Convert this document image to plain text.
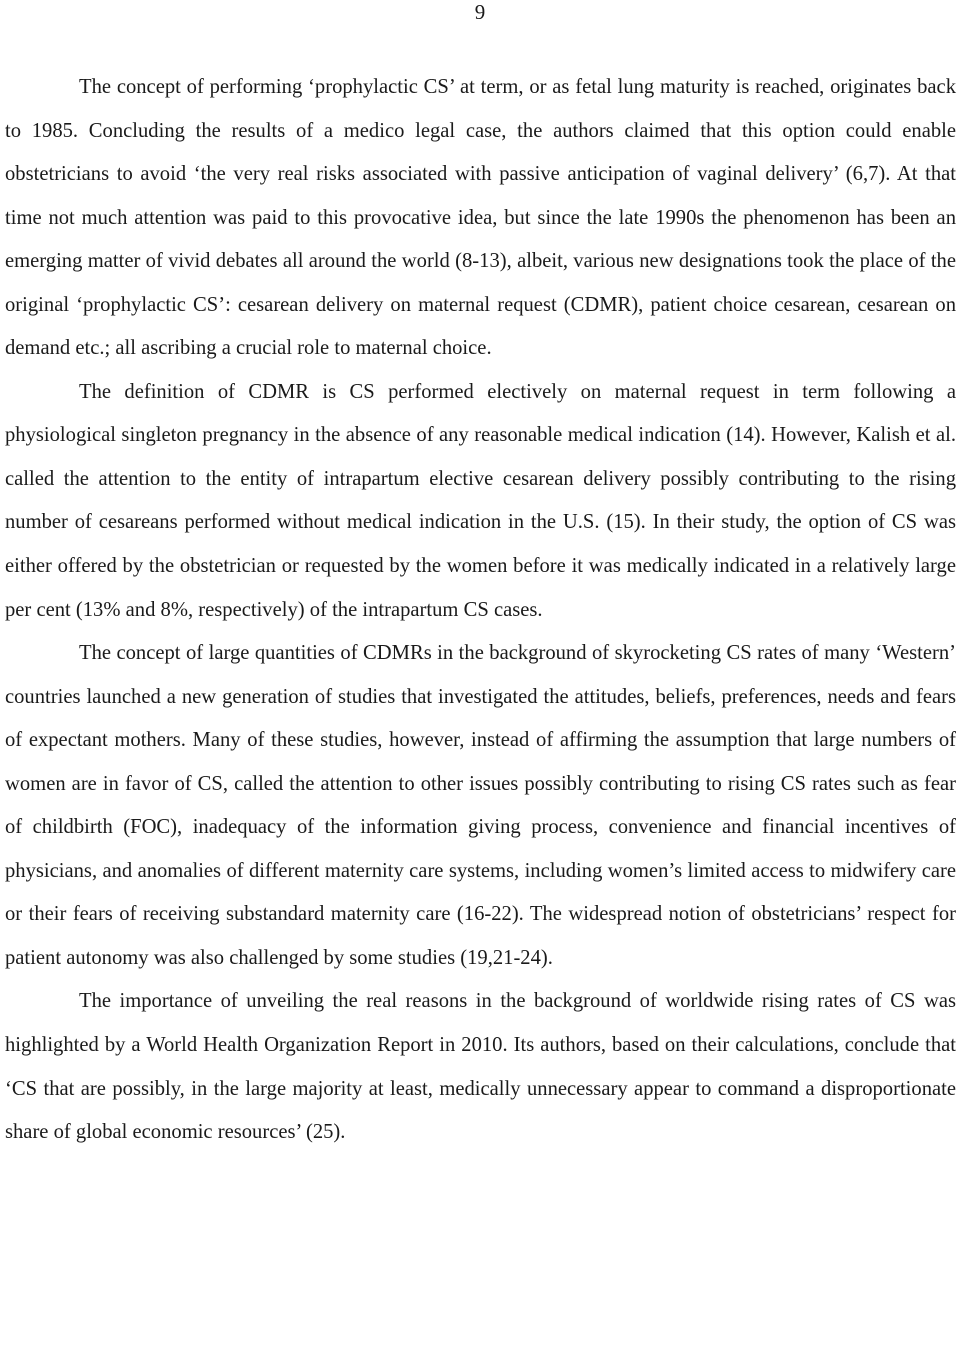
9

The concept of performing ‘prophylactic CS’ at term, or as fetal lung maturity is reached, originates back to 1985. Concluding the results of a medico legal case, the authors claimed that this option could enable obstetricians to avoid ‘the very real risks associated with passive anticipation of vaginal delivery’ (6,7). At that time not much attention was paid to this provocative idea, but since the late 1990s the phenomenon has been an emerging matter of vivid debates all around the world (8-13), albeit, various new designations took the place of the original ‘prophylactic CS’: cesarean delivery on maternal request (CDMR), patient choice cesarean, cesarean on demand etc.; all ascribing a crucial role to maternal choice.

The definition of CDMR is CS performed electively on maternal request in term following a physiological singleton pregnancy in the absence of any reasonable medical indication (14). However, Kalish et al. called the attention to the entity of intrapartum elective cesarean delivery possibly contributing to the rising number of cesareans performed without medical indication in the U.S. (15). In their study, the option of CS was either offered by the obstetrician or requested by the women before it was medically indicated in a relatively large per cent (13% and 8%, respectively) of the intrapartum CS cases.

The concept of large quantities of CDMRs in the background of skyrocketing CS rates of many ‘Western’ countries launched a new generation of studies that investigated the attitudes, beliefs, preferences, needs and fears of expectant mothers. Many of these studies, however, instead of affirming the assumption that large numbers of women are in favor of CS, called the attention to other issues possibly contributing to rising CS rates such as fear of childbirth (FOC), inadequacy of the information giving process, convenience and financial incentives of physicians, and anomalies of different maternity care systems, including women’s limited access to midwifery care or their fears of receiving substandard maternity care (16-22). The widespread notion of obstetricians’ respect for patient autonomy was also challenged by some studies (19,21-24).

The importance of unveiling the real reasons in the background of worldwide rising rates of CS was highlighted by a World Health Organization Report in 2010. Its authors, based on their calculations, conclude that ‘CS that are possibly, in the large majority at least, medically unnecessary appear to command a disproportionate share of global economic resources’ (25).
